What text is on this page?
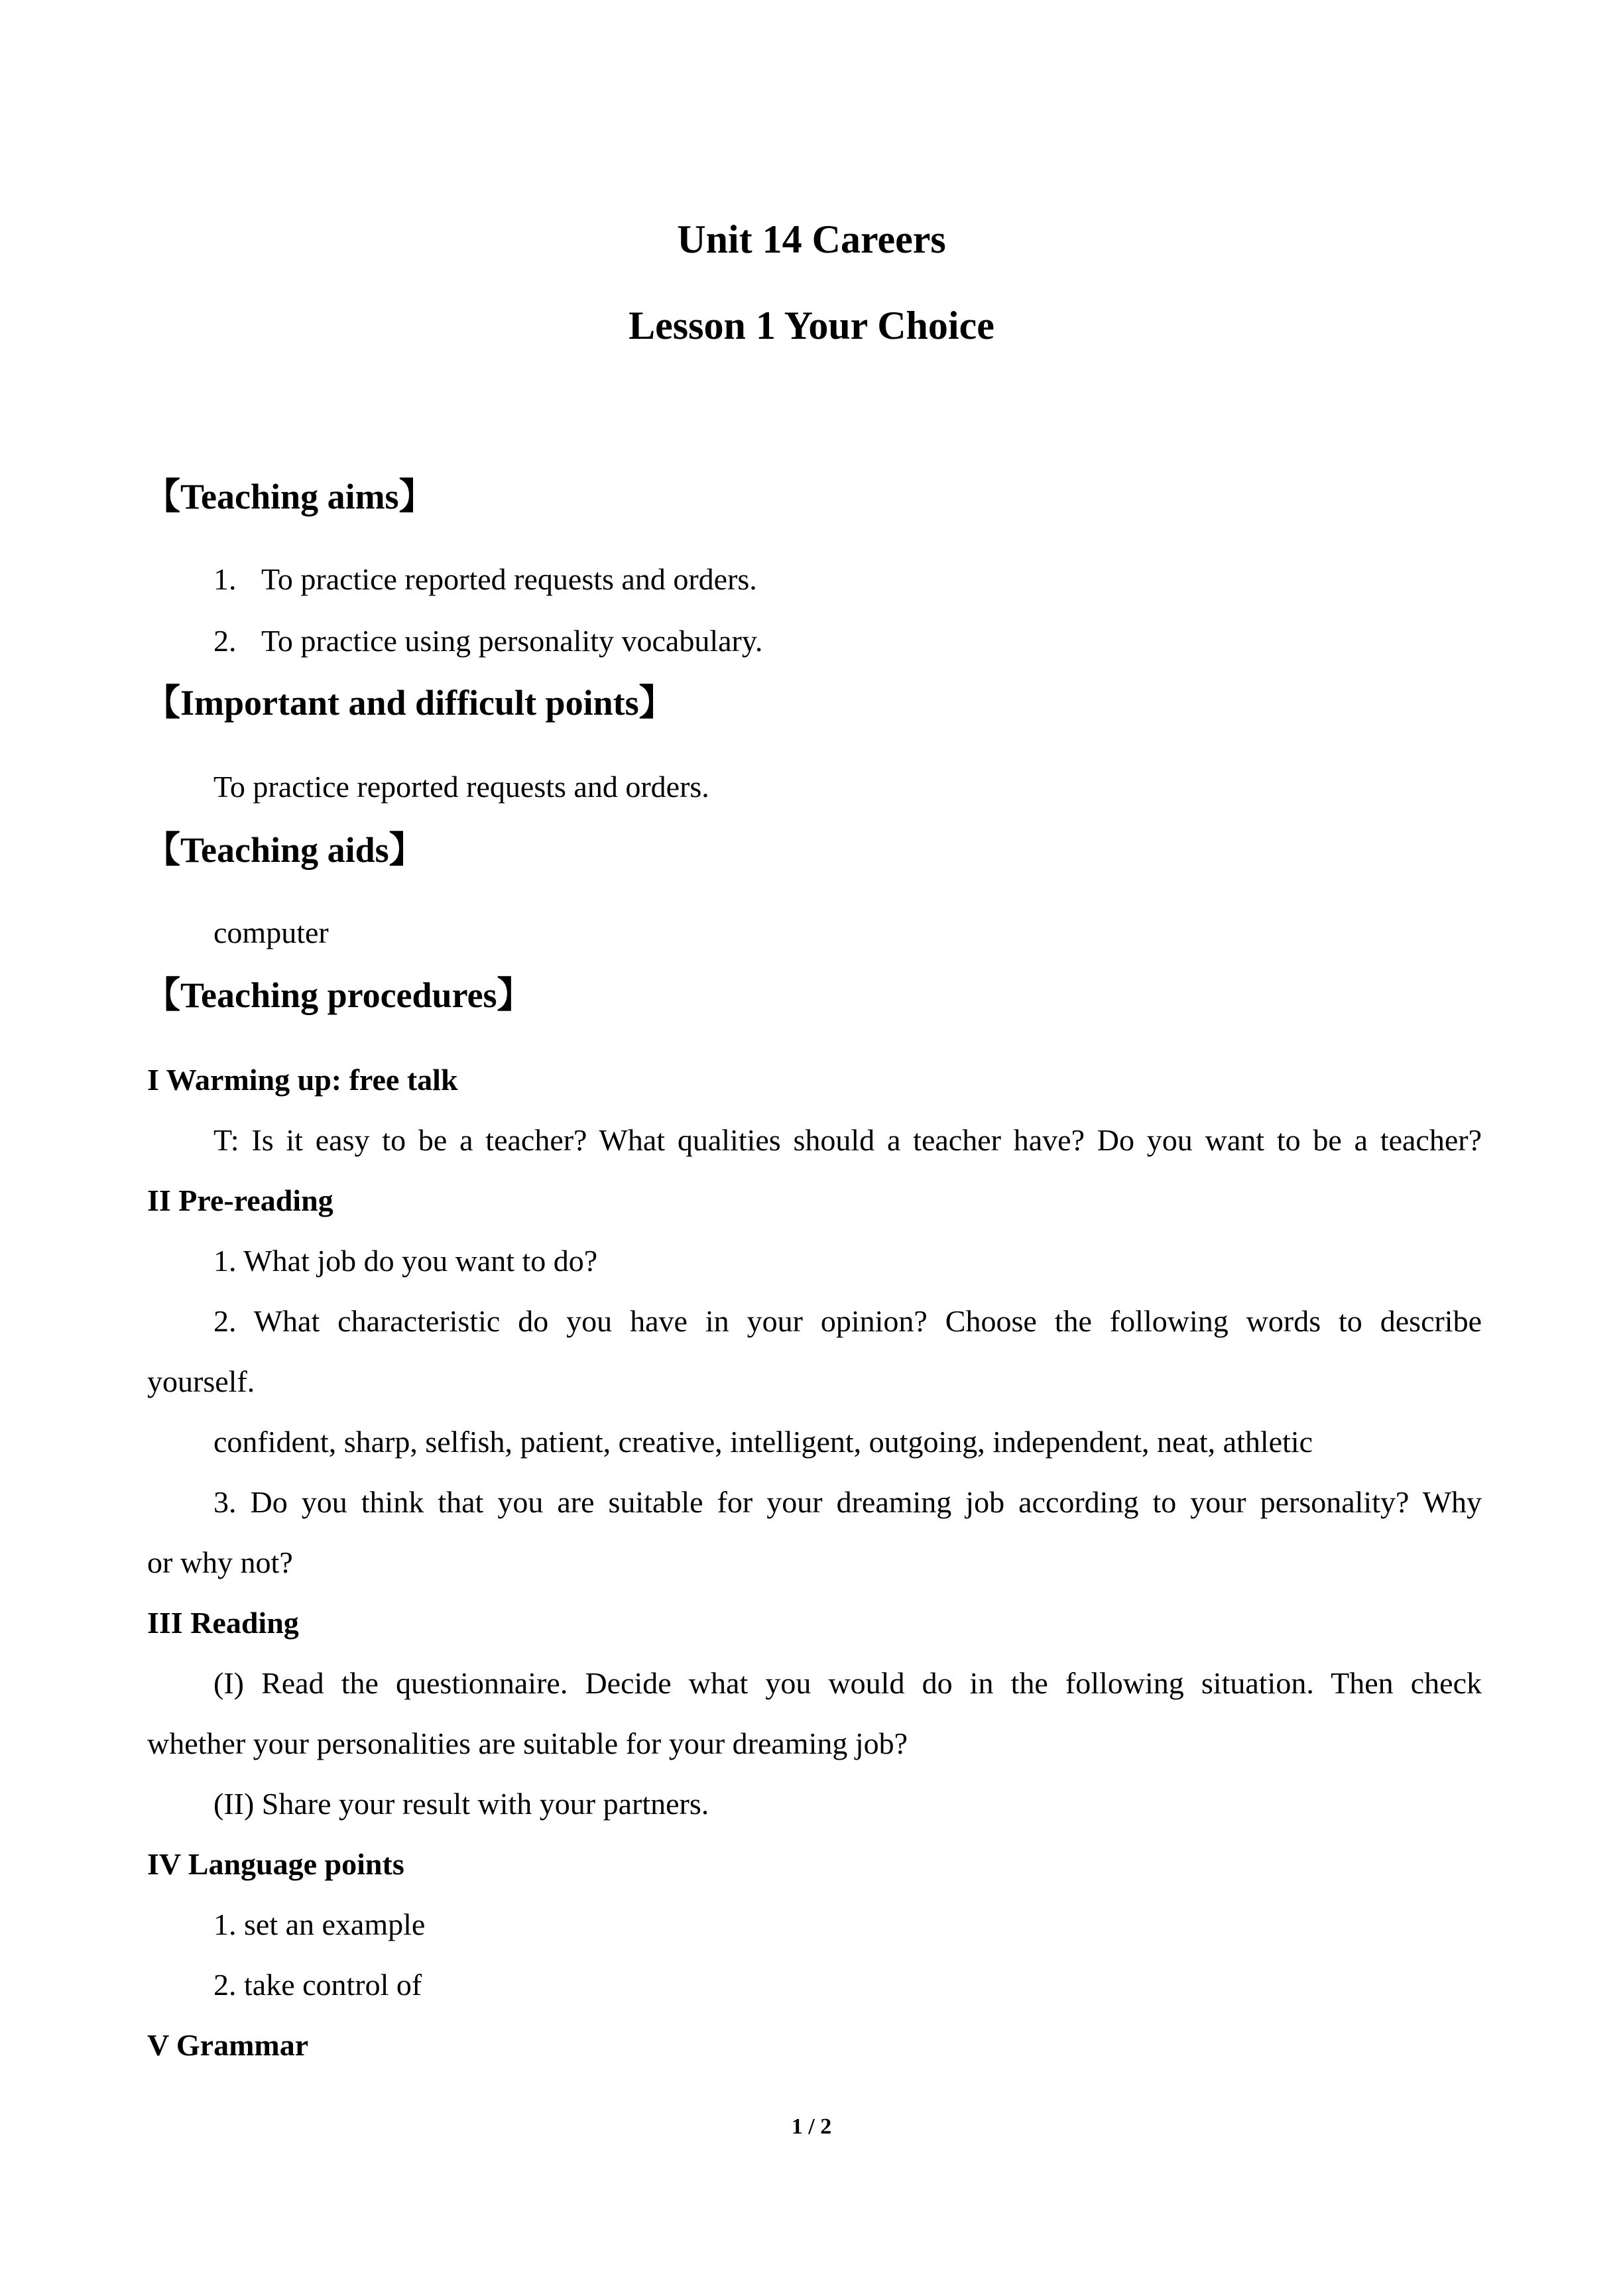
Unit 14 Careers
Lesson 1 Your Choice
【Teaching aims】
1. To practice reported requests and orders.
2. To practice using personality vocabulary.
【Important and difficult points】
To practice reported requests and orders.
【Teaching aids】
computer
【Teaching procedures】
I Warming up: free talk
T: Is it easy to be a teacher? What qualities should a teacher have? Do you want to be a teacher?
II Pre-reading
1. What job do you want to do?
2. What characteristic do you have in your opinion? Choose the following words to describe
yourself.
confident, sharp, selfish, patient, creative, intelligent, outgoing, independent, neat, athletic
3. Do you think that you are suitable for your dreaming job according to your personality? Why
or why not?
III Reading
(I) Read the questionnaire. Decide what you would do in the following situation. Then check
whether your personalities are suitable for your dreaming job?
(II) Share your result with your partners.
IV Language points
1. set an example
2. take control of
V Grammar
1 / 2
